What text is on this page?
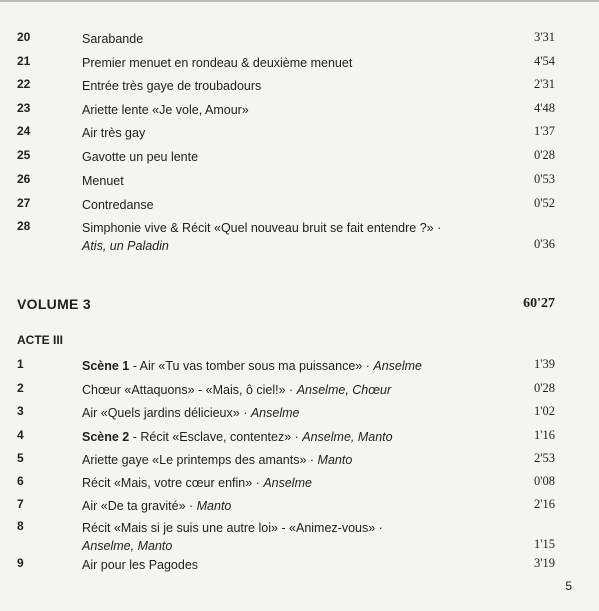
20	Sarabande	3'31
21	Premier menuet en rondeau & deuxième menuet	4'54
22	Entrée très gaye de troubadours	2'31
23	Ariette lente «Je vole, Amour»	4'48
24	Air très gay	1'37
25	Gavotte un peu lente	0'28
26	Menuet	0'53
27	Contredanse	0'52
28	Simphonie vive & Récit «Quel nouveau bruit se fait entendre ?» ·
Atis, un Paladin	0'36
VOLUME 3	60'27
ACTE III
1	Scène 1 - Air «Tu vas tomber sous ma puissance» · Anselme	1'39
2	Chœur «Attaquons» - «Mais, ô ciel!» · Anselme, Chœur	0'28
3	Air «Quels jardins délicieux» · Anselme	1'02
4	Scène 2 - Récit «Esclave, contentez» · Anselme, Manto	1'16
5	Ariette gaye «Le printemps des amants» · Manto	2'53
6	Récit «Mais, votre cœur enfin» · Anselme	0'08
7	Air «De ta gravité» · Manto	2'16
8	Récit «Mais si je suis une autre loi» - «Animez-vous» ·
Anselme, Manto	1'15
9	Air pour les Pagodes	3'19
5
